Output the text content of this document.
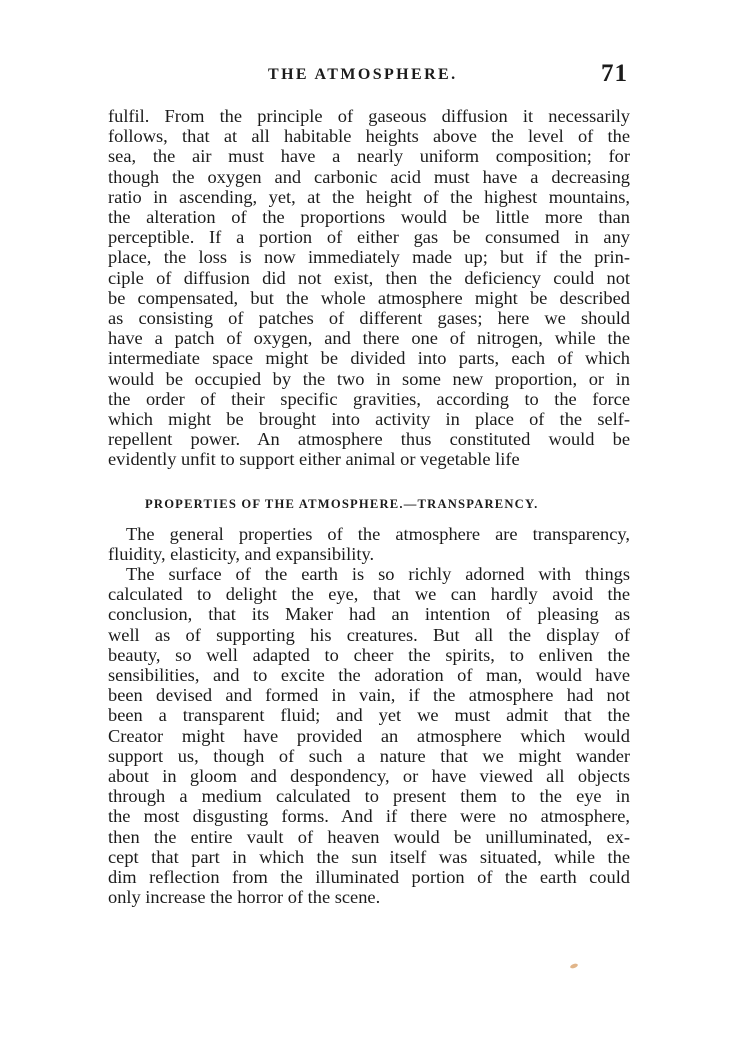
THE ATMOSPHERE.	71
fulfil. From the principle of gaseous diffusion it necessarily
follows, that at all habitable heights above the level of the
sea, the air must have a nearly uniform composition; for
though the oxygen and carbonic acid must have a decreasing
ratio in ascending, yet, at the height of the highest mountains,
the alteration of the proportions would be little more than
perceptible. If a portion of either gas be consumed in any
place, the loss is now immediately made up; but if the prin-
ciple of diffusion did not exist, then the deficiency could not
be compensated, but the whole atmosphere might be described
as consisting of patches of different gases; here we should
have a patch of oxygen, and there one of nitrogen, while the
intermediate space might be divided into parts, each of which
would be occupied by the two in some new proportion, or in
the order of their specific gravities, according to the force
which might be brought into activity in place of the self-
repellent power. An atmosphere thus constituted would be
evidently unfit to support either animal or vegetable life
PROPERTIES OF THE ATMOSPHERE.—TRANSPARENCY.
The general properties of the atmosphere are transparency,
fluidity, elasticity, and expansibility.
The surface of the earth is so richly adorned with things
calculated to delight the eye, that we can hardly avoid the
conclusion, that its Maker had an intention of pleasing as
well as of supporting his creatures. But all the display of
beauty, so well adapted to cheer the spirits, to enliven the
sensibilities, and to excite the adoration of man, would have
been devised and formed in vain, if the atmosphere had not
been a transparent fluid; and yet we must admit that the
Creator might have provided an atmosphere which would
support us, though of such a nature that we might wander
about in gloom and despondency, or have viewed all objects
through a medium calculated to present them to the eye in
the most disgusting forms. And if there were no atmosphere,
then the entire vault of heaven would be unilluminated, ex-
cept that part in which the sun itself was situated, while the
dim reflection from the illuminated portion of the earth could
only increase the horror of the scene.
